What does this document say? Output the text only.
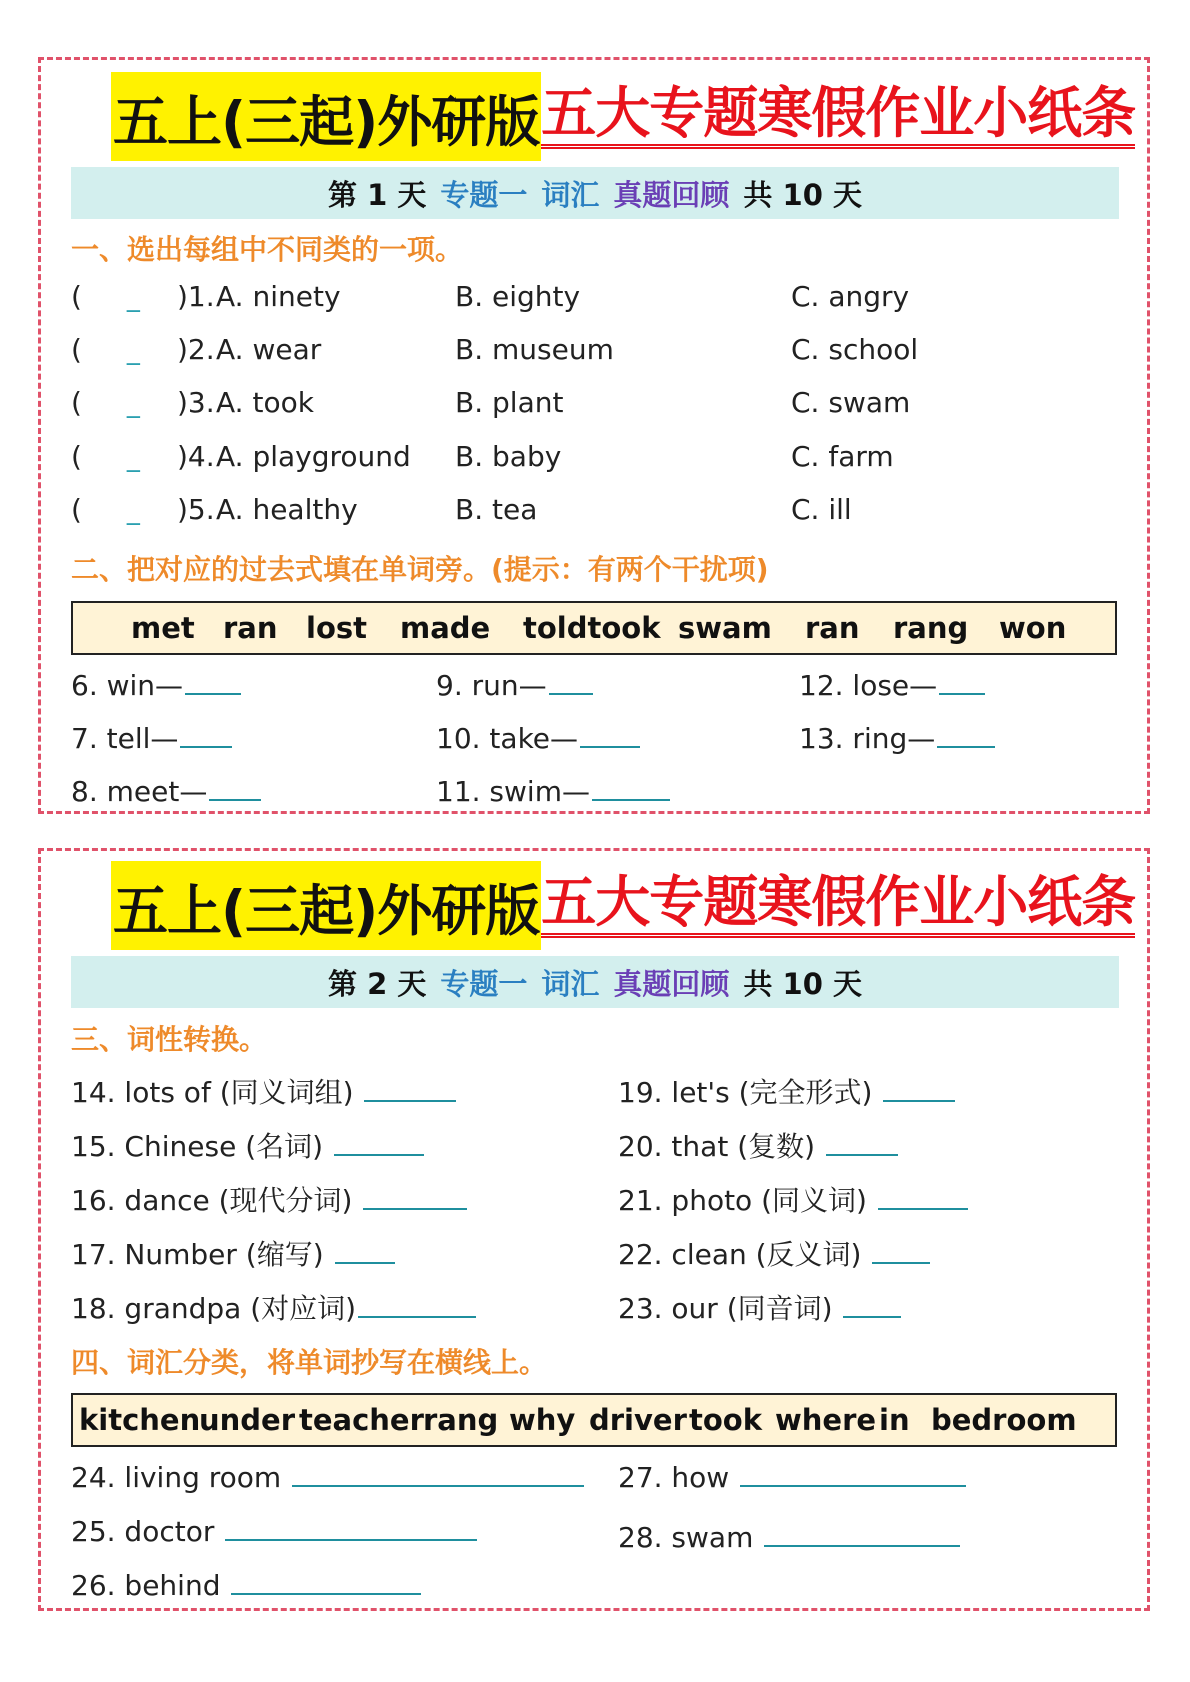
五上(三起)外研版 五大专题寒假作业小纸条
第 1 天 专题一 词汇 真题回顾 共 10 天
一、选出每组中不同类的一项。
( _	)1. A. ninety	B. eighty	C. angry
( _	)2. A. wear	B. museum	C. school
( _	)3. A. took	B. plant	C. swam
( _	)4. A. playground B. baby	C. farm
( _	)5. A. healthy	B. tea	C. ill
二、把对应的过去式填在单词旁。(提示：有两个干扰项)
met ran lost made toldtook swam ran rang won
6. win—
7. tell—
8. meet—
9. run—
10. take—
11. swim—
12. lose—
13. ring—
五上(三起)外研版 五大专题寒假作业小纸条
第 2 天 专题一 词汇 真题回顾 共 10 天
三、词性转换。
14. lots of (同义词组)
15. Chinese (名词)
16. dance (现代分词)
17. Number (缩写)
18. grandpa (对应词)
19. let's (完全形式)
20. that (复数)
21. photo (同义词)
22. clean (反义词)
23. our (同音词)
四、词汇分类，将单词抄写在横线上。
kitchen
under teacher rang why driver took where in bedroom
24. living room
25. doctor
26. behind
27. how
28. swam
